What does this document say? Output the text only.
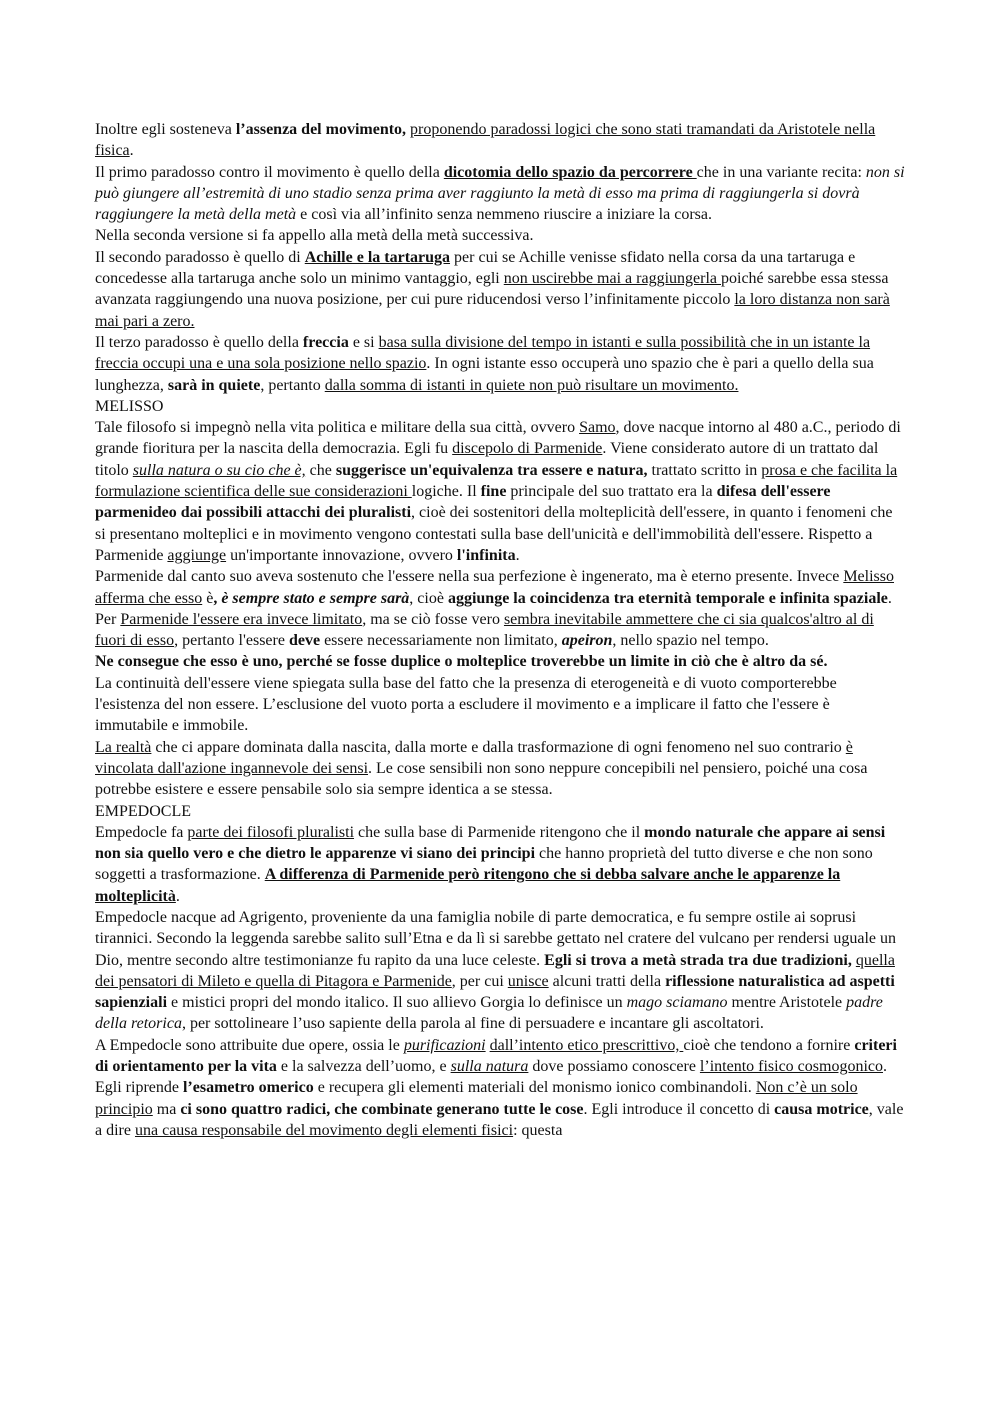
Inoltre egli sosteneva l’assenza del movimento, proponendo paradossi logici che sono stati tramandati da Aristotele nella fisica.

Il primo paradosso contro il movimento è quello della dicotomia dello spazio da percorrere che in una variante recita: non si può giungere all’estremità di uno stadio senza prima aver raggiunto la metà di esso ma prima di raggiungerla si dovrà raggiungere la metà della metà e così via all’infinito senza nemmeno riuscire a iniziare la corsa.

Nella seconda versione si fa appello alla metà della metà successiva.

Il secondo paradosso è quello di Achille e la tartaruga per cui se Achille venisse sfidato nella corsa da una tartaruga e concedesse alla tartaruga anche solo un minimo vantaggio, egli non uscirebbe mai a raggiungerla poiché sarebbe essa stessa avanzata raggiungendo una nuova posizione, per cui pure riducendosi verso l’infinitamente piccolo la loro distanza non sarà mai pari a zero.

Il terzo paradosso è quello della freccia e si basa sulla divisione del tempo in istanti e sulla possibilità che in un istante la freccia occupi una e una sola posizione nello spazio. In ogni istante esso occuperà uno spazio che è pari a quello della sua lunghezza, sarà in quiete, pertanto dalla somma di istanti in quiete non può risultare un movimento.

MELISSO

Tale filosofo si impegnò nella vita politica e militare della sua città, ovvero Samo, dove nacque intorno al 480 a.C., periodo di grande fioritura per la nascita della democrazia. Egli fu discepolo di Parmenide. Viene considerato autore di un trattato dal titolo sulla natura o su cio che è, che suggerisce un'equivalenza tra essere e natura, trattato scritto in prosa e che facilita la formulazione scientifica delle sue considerazioni logiche. Il fine principale del suo trattato era la difesa dell'essere parmenideo dai possibili attacchi dei pluralisti, cioè dei sostenitori della molteplicità dell'essere, in quanto i fenomeni che si presentano molteplici e in movimento vengono contestati sulla base dell'unicità e dell'immobilità dell'essere. Rispetto a Parmenide aggiunge un'importante innovazione, ovvero l'infinita.

Parmenide dal canto suo aveva sostenuto che l'essere nella sua perfezione è ingenerato, ma è eterno presente. Invece Melisso afferma che esso è, è sempre stato e sempre sarà, cioè aggiunge la coincidenza tra eternità temporale e infinita spaziale. Per Parmenide l'essere era invece limitato, ma se ciò fosse vero sembra inevitabile ammettere che ci sia qualcos'altro al di fuori di esso, pertanto l'essere deve essere necessariamente non limitato, apeiron, nello spazio nel tempo.

Ne consegue che esso è uno, perché se fosse duplice o molteplice troverebbe un limite in ciò che è altro da sé.

La continuità dell'essere viene spiegata sulla base del fatto che la presenza di eterogeneità e di vuoto comporterebbe l'esistenza del non essere. L’esclusione del vuoto porta a escludere il movimento e a implicare il fatto che l'essere è immutabile e immobile.

La realtà che ci appare dominata dalla nascita, dalla morte e dalla trasformazione di ogni fenomeno nel suo contrario è vincolata dall'azione ingannevole dei sensi. Le cose sensibili non sono neppure concepibili nel pensiero, poiché una cosa potrebbe esistere e essere pensabile solo sia sempre identica a se stessa.

EMPEDOCLE

Empedocle fa parte dei filosofi pluralisti che sulla base di Parmenide ritengono che il mondo naturale che appare ai sensi non sia quello vero e che dietro le apparenze vi siano dei principi che hanno proprietà del tutto diverse e che non sono soggetti a trasformazione. A differenza di Parmenide però ritengono che si debba salvare anche le apparenze la molteplicità.

Empedocle nacque ad Agrigento, proveniente da una famiglia nobile di parte democratica, e fu sempre ostile ai soprusi tirannici. Secondo la leggenda sarebbe salito sull’Etna e da lì si sarebbe gettato nel cratere del vulcano per rendersi uguale un Dio, mentre secondo altre testimonianze fu rapito da una luce celeste. Egli si trova a metà strada tra due tradizioni, quella dei pensatori di Mileto e quella di Pitagora e Parmenide, per cui unisce alcuni tratti della riflessione naturalistica ad aspetti sapienziali e mistici propri del mondo italico. Il suo allievo Gorgia lo definisce un mago sciamano mentre Aristotele padre della retorica, per sottolineare l’uso sapiente della parola al fine di persuadere e incantare gli ascoltatori.

A Empedocle sono attribuite due opere, ossia le purificazioni dall’intento etico prescrittivo, cioè che tendono a fornire criteri di orientamento per la vita e la salvezza dell’uomo, e sulla natura dove possiamo conoscere l’intento fisico cosmogonico.

Egli riprende l’esametro omerico e recupera gli elementi materiali del monismo ionico combinandoli. Non c’è un solo principio ma ci sono quattro radici, che combinate generano tutte le cose. Egli introduce il concetto di causa motrice, vale a dire una causa responsabile del movimento degli elementi fisici: questa
